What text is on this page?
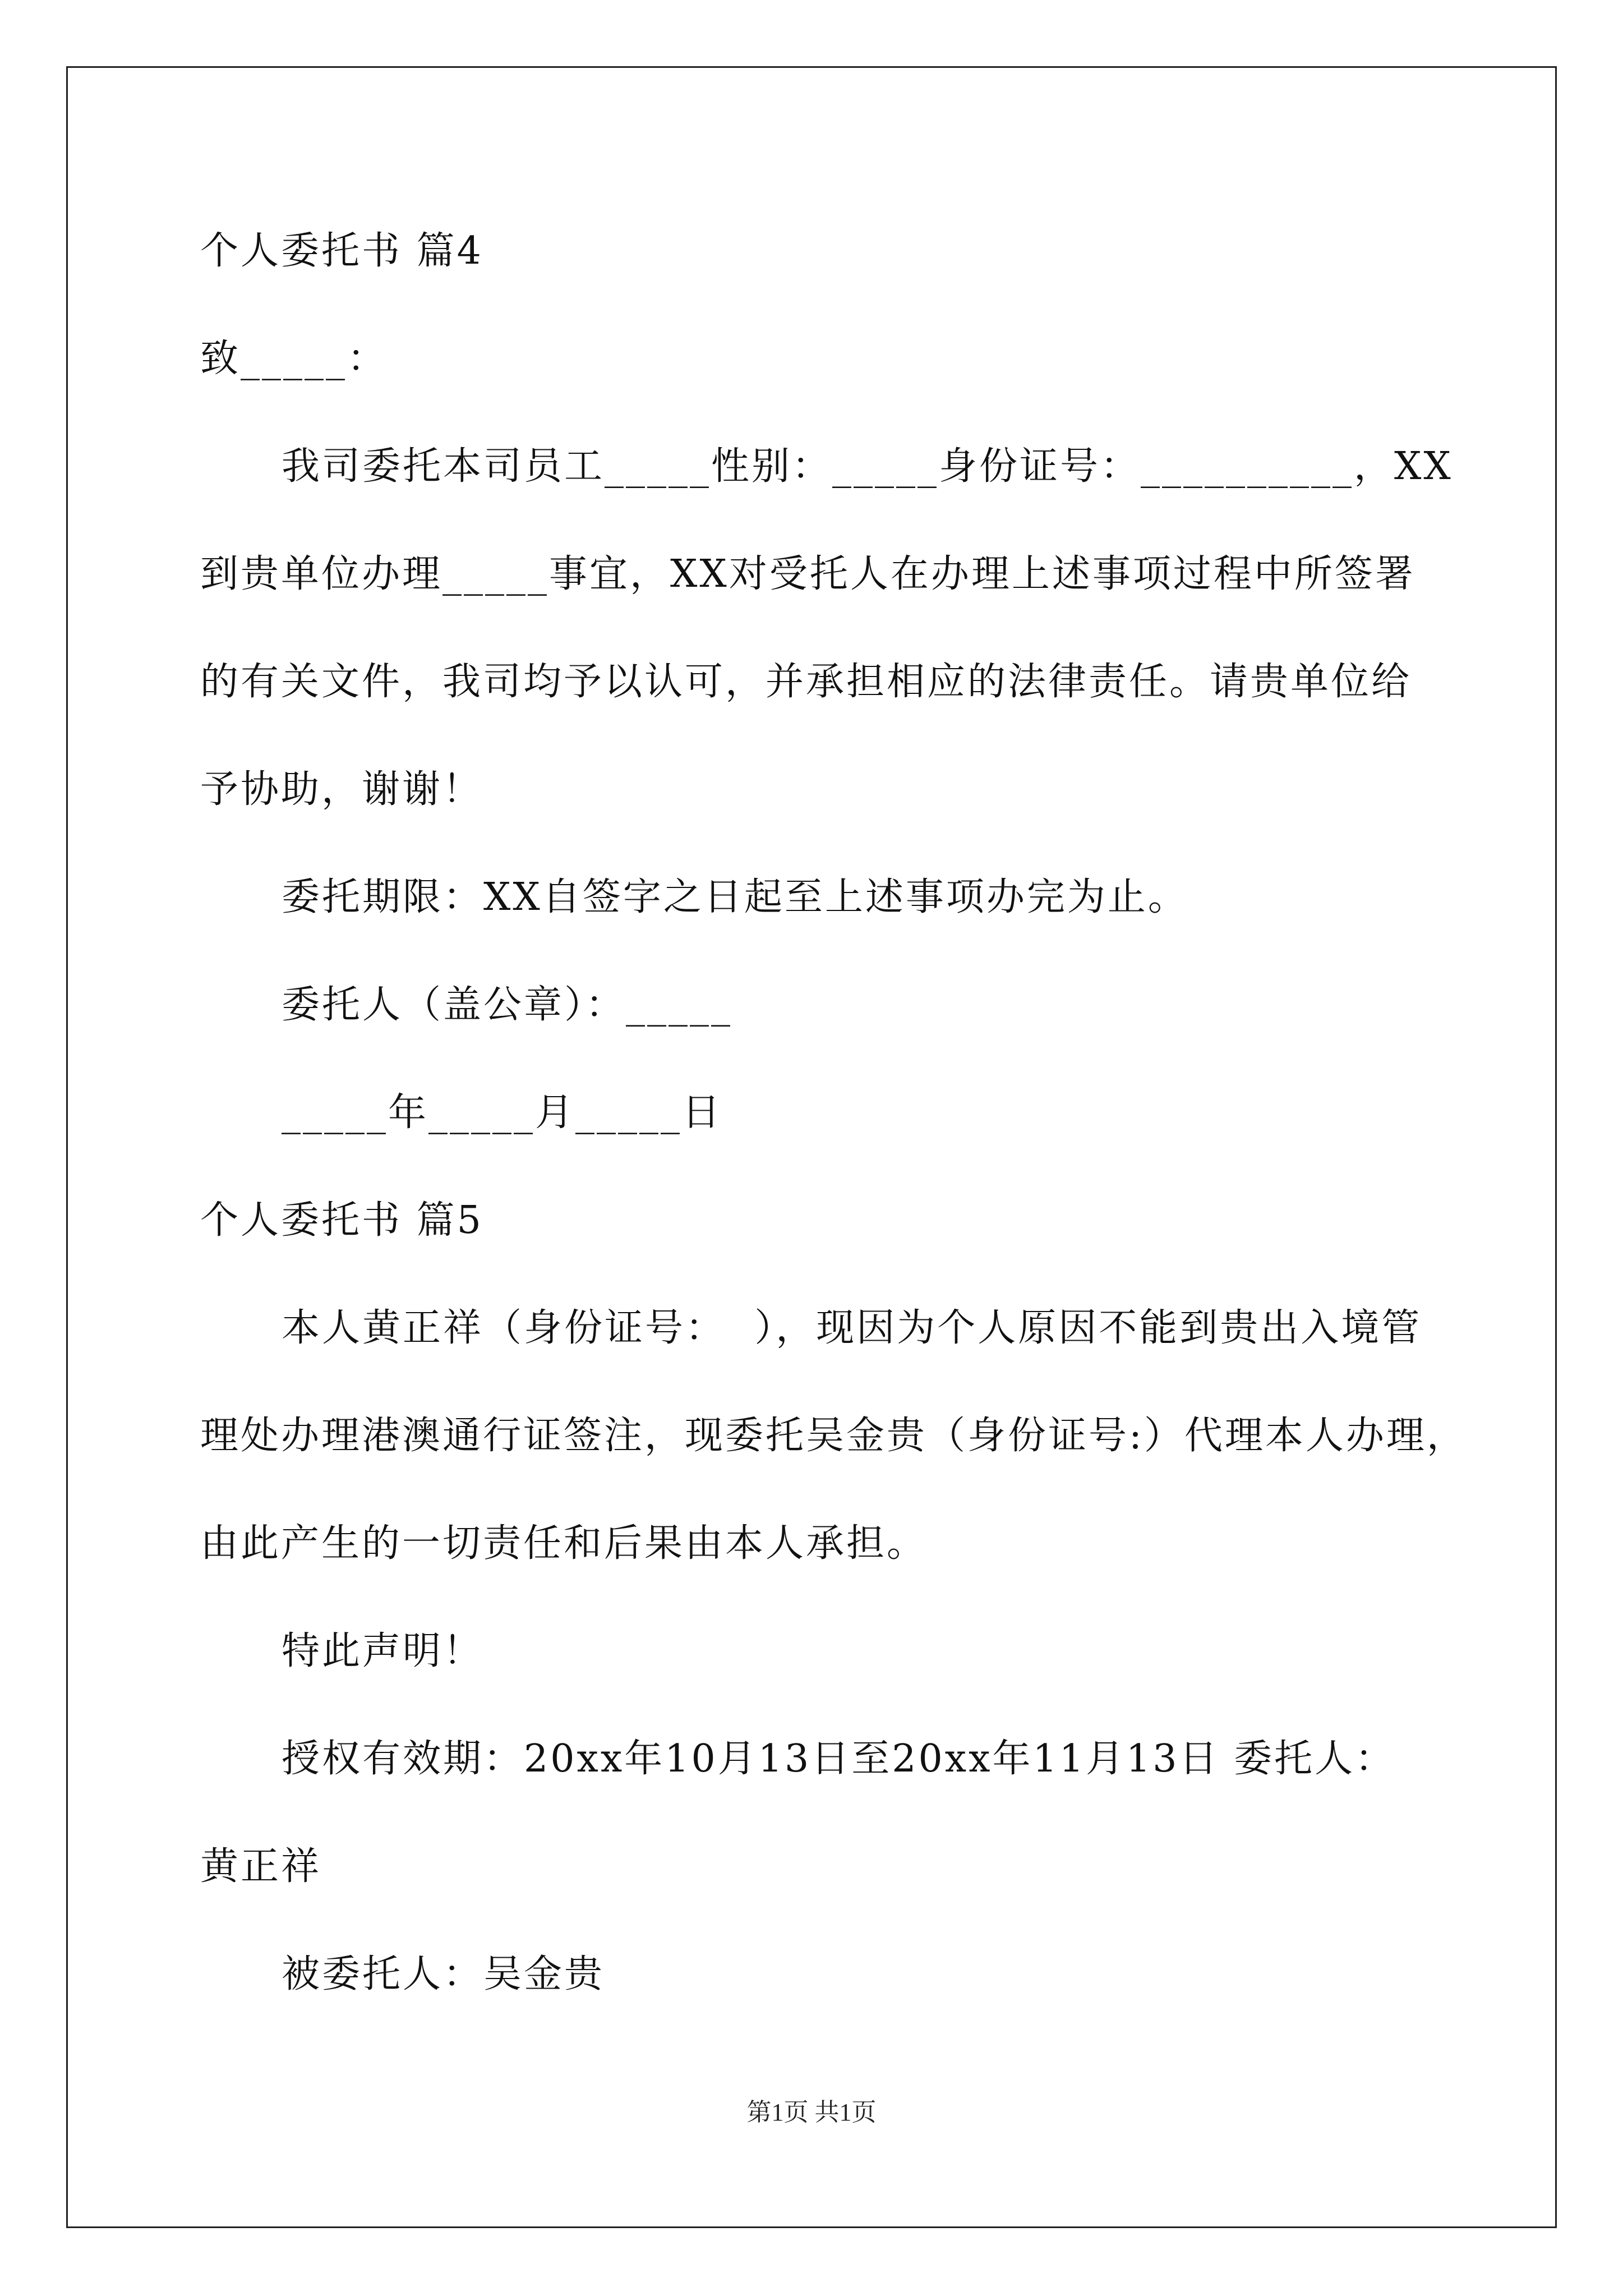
个人委托书 篇4
致_____：
我司委托本司员工_____性别：_____身份证号：__________，XX
到贵单位办理_____事宜，XX对受托人在办理上述事项过程中所签署
的有关文件，我司均予以认可，并承担相应的法律责任。请贵单位给
予协助，谢谢！
委托期限：XX自签字之日起至上述事项办完为止。
委托人（盖公章）：_____
_____年_____月_____日
个人委托书 篇5
本人黄正祥（身份证号：  ），现因为个人原因不能到贵出入境管
理处办理港澳通行证签注，现委托吴金贵（身份证号:）代理本人办理，
由此产生的一切责任和后果由本人承担。
特此声明！
授权有效期：20xx年10月13日至20xx年11月13日 委托人：
黄正祥
被委托人：吴金贵
第1页 共1页
